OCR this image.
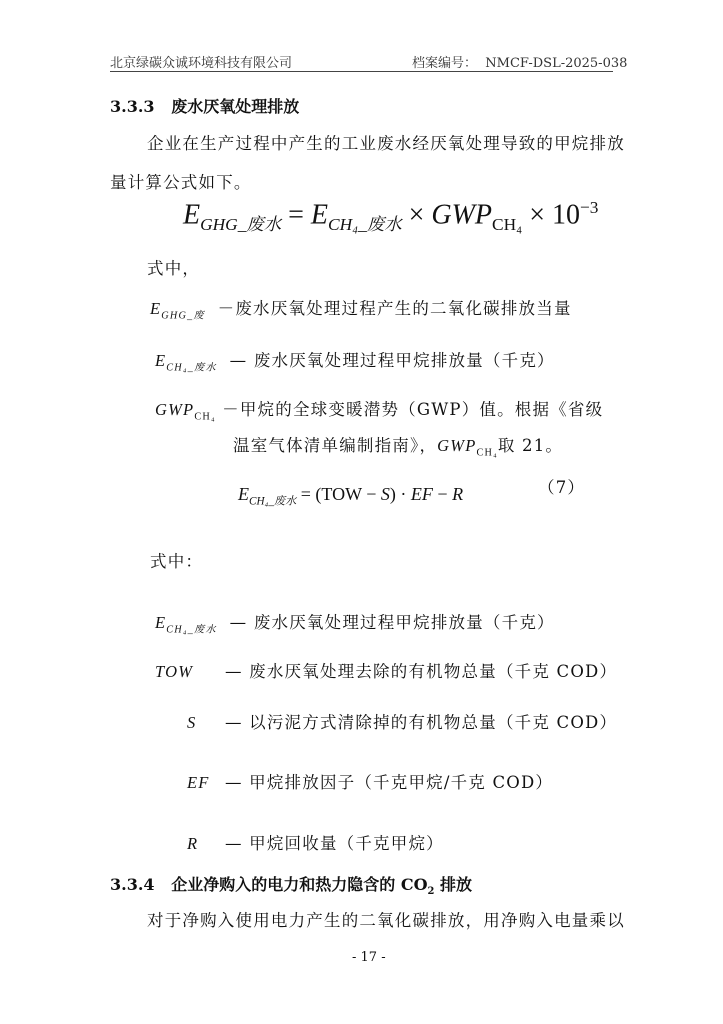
北京绿碳众诚环境科技有限公司	档案编号： NMCF-DSL-2025-038
3.3.3 废水厌氧处理排放
企业在生产过程中产生的工业废水经厌氧处理导致的甲烷排放
量计算公式如下。
$E_{GHG\_废水} = E_{CH_4\_废水} \times GWP_{CH_4} \times 10^{-3}$
式中，
$E_{GHG\_废}$ －废水厌氧处理过程产生的二氧化碳排放当量
$E_{CH_4\_废水}$ — 废水厌氧处理过程甲烷排放量（千克）
$GWP_{CH_4}$ －甲烷的全球变暖潜势（GWP）值。根据《省级
温室气体清单编制指南》，$GWP_{CH_4}$取 21。
$E_{CH_4\_废水} = (TOW - S)$ · EF − R	（7）
式中：
$E_{CH_4\_废水}$ — 废水厌氧处理过程甲烷排放量（千克）
TOW — 废水厌氧处理去除的有机物总量（千克 COD）
S — 以污泥方式清除掉的有机物总量（千克 COD）
EF — 甲烷排放因子（千克甲烷/千克 COD）
R — 甲烷回收量（千克甲烷）
3.3.4 企业净购入的电力和热力隐含的 $CO_2$ 排放
对于净购入使用电力产生的二氧化碳排放，用净购入电量乘以
- 17 -
